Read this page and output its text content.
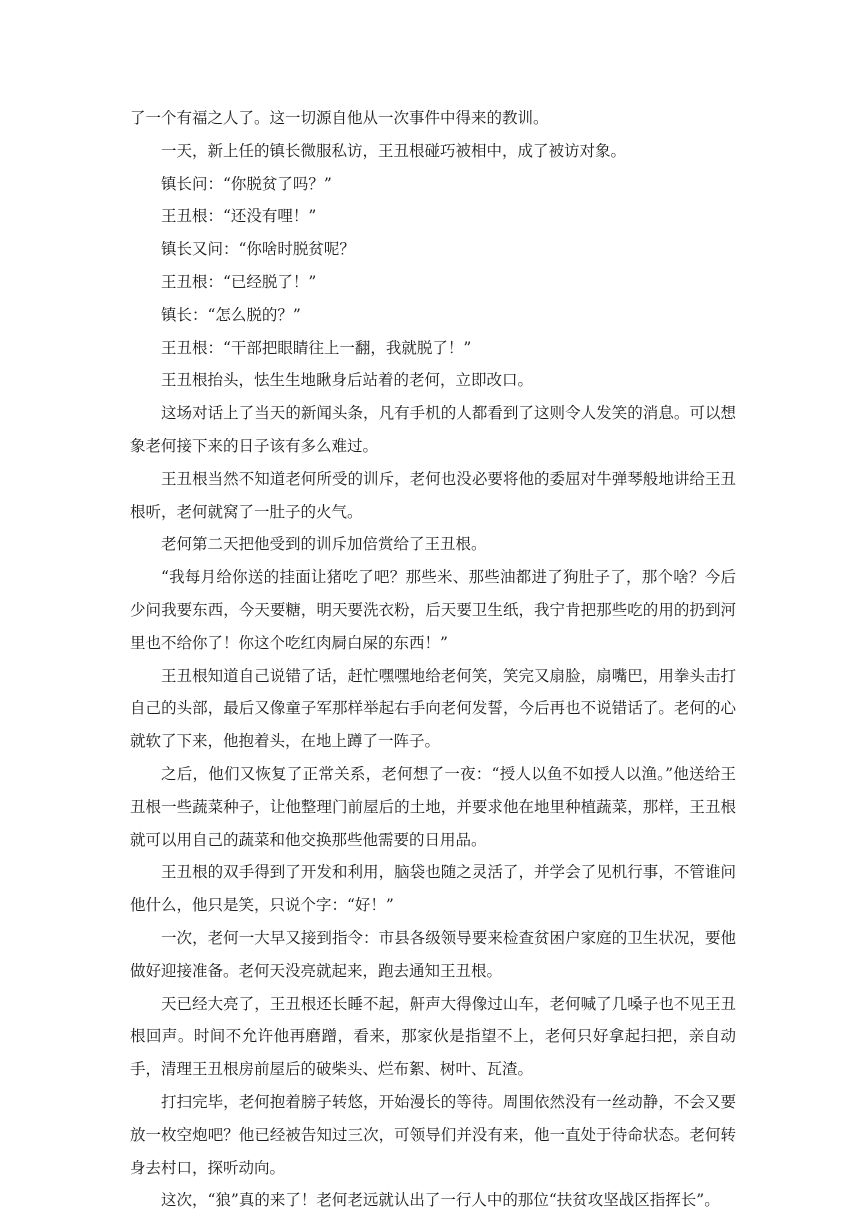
了一个有福之人了。这一切源自他从一次事件中得来的教训。

一天，新上任的镇长微服私访，王丑根碰巧被相中，成了被访对象。

镇长问：“你脱贫了吗？”

王丑根：“还没有哩！”

镇长又问：“你啥时脱贫呢？

王丑根：“已经脱了！”

镇长：“怎么脱的？”

王丑根：“干部把眼睛往上一翻，我就脱了！”

王丑根抬头，怯生生地瞅身后站着的老何，立即改口。

这场对话上了当天的新闻头条，凡有手机的人都看到了这则令人发笑的消息。可以想象老何接下来的日子该有多么难过。

王丑根当然不知道老何所受的训斥，老何也没必要将他的委屈对牛弹琴般地讲给王丑根听，老何就窝了一肚子的火气。

老何第二天把他受到的训斥加倍赏给了王丑根。

“我每月给你送的挂面让猪吃了吧？那些米、那些油都进了狗肚子了，那个啥？今后少问我要东西，今天要糖，明天要洗衣粉，后天要卫生纸，我宁肯把那些吃的用的扔到河里也不给你了！你这个吃红肉屙白屎的东西！”

王丑根知道自己说错了话，赶忙嘿嘿地给老何笑，笑完又扇脸，扇嘴巴，用拳头击打自己的头部，最后又像童子军那样举起右手向老何发誓，今后再也不说错话了。老何的心就软了下来，他抱着头，在地上蹲了一阵子。

之后，他们又恢复了正常关系，老何想了一夜：“授人以鱼不如授人以渔。”他送给王丑根一些蔬菜种子，让他整理门前屋后的土地，并要求他在地里种植蔬菜，那样，王丑根就可以用自己的蔬菜和他交换那些他需要的日用品。

王丑根的双手得到了开发和利用，脑袋也随之灵活了，并学会了见机行事，不管谁问他什么，他只是笑，只说个字：“好！”

一次，老何一大早又接到指令：市县各级领导要来检查贫困户家庭的卫生状况，要他做好迎接准备。老何天没亮就起来，跑去通知王丑根。

天已经大亮了，王丑根还长睡不起，鼾声大得像过山车，老何喊了几嗓子也不见王丑根回声。时间不允许他再磨蹭，看来，那家伙是指望不上，老何只好拿起扫把，亲自动手，清理王丑根房前屋后的破柴头、烂布絮、树叶、瓦渣。

打扫完毕，老何抱着膀子转悠，开始漫长的等待。周围依然没有一丝动静，不会又要放一枚空炮吧？他已经被告知过三次，可领导们并没有来，他一直处于待命状态。老何转身去村口，探听动向。

这次，“狼”真的来了！老何老远就认出了一行人中的那位“扶贫攻坚战区指挥长”。
